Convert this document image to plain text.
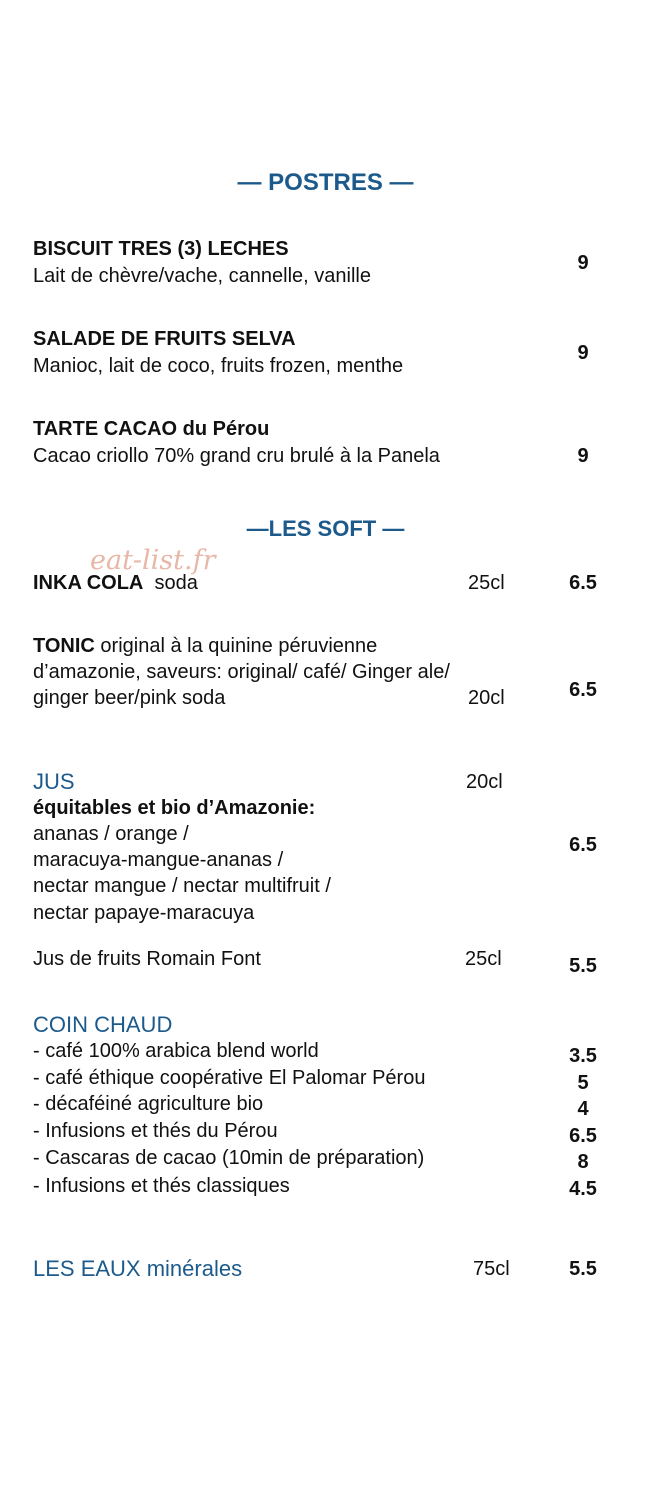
— POSTRES —
BISCUIT TRES (3) LECHES
Lait de chèvre/vache, cannelle, vanille
9
SALADE DE FRUITS SELVA
Manioc, lait de coco, fruits frozen, menthe
9
TARTE CACAO du Pérou
Cacao criollo 70% grand cru brulé à la Panela	9
—LES SOFT —
eat-list.fr
INKA COLA soda	25cl	6.5
TONIC original à la quinine péruvienne
d’amazonie, saveurs: original/ café/ Ginger ale/
ginger beer/pink soda	20cl	6.5
JUS	20cl
équitables et bio d’Amazonie:
ananas / orange /
maracuya-mangue-ananas /
nectar mangue / nectar multifruit /
nectar papaye-maracuya
6.5
Jus de fruits Romain Font	25cl	5.5
COIN CHAUD
- café 100% arabica blend world	3.5
- café éthique coopérative El Palomar Pérou	5
- décaféiné agriculture bio	4
- Infusions et thés du Pérou	6.5
- Cascaras de cacao (10min de préparation)	8
- Infusions et thés classiques	4.5
LES EAUX minérales	75cl	5.5
